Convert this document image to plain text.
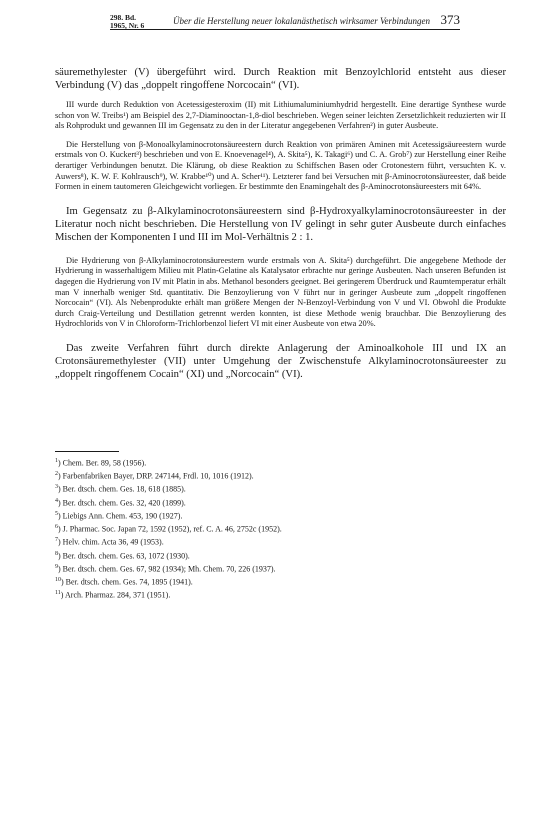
298. Bd.
1965, Nr. 6	Über die Herstellung neuer lokalanästhetisch wirksamer Verbindungen 373

säuremethylester (V) übergeführt wird. Durch Reaktion mit Benzoylchlorid entsteht aus dieser Verbindung (V) das „doppelt ringoffene Norcocain“ (VI).

III wurde durch Reduktion von Acetessigesteroxim (II) mit Lithiumaluminiumhydrid hergestellt. Eine derartige Synthese wurde schon von W. Treibs¹) am Beispiel des 2,7-Diaminooctan-1,8-diol beschrieben. Wegen seiner leichten Zersetzlichkeit reduzierten wir II als Rohprodukt und gewannen III im Gegensatz zu den in der Literatur angegebenen Verfahren²) in guter Ausbeute.

Die Herstellung von β-Monoalkylaminocrotonsäureestern durch Reaktion von primären Aminen mit Acetessigsäureestern wurde erstmals von O. Kuckert³) beschrieben und von E. Knoevenagel⁴), A. Skita⁵), K. Takagi⁶) und C. A. Grob⁷) zur Herstellung einer Reihe derartiger Verbindungen benutzt. Die Klärung, ob diese Reaktion zu Schiffschen Basen oder Crotonestern führt, versuchten K. v. Auwers⁸), K. W. F. Kohlrausch⁹), W. Krabbe¹⁰) und A. Scher¹¹). Letzterer fand bei Versuchen mit β-Aminocrotonsäureester, daß beide Formen in einem tautomeren Gleichgewicht vorliegen. Er bestimmte den Enamingehalt des β-Aminocrotonsäureesters mit 64%.

Im Gegensatz zu β-Alkylaminocrotonsäureestern sind β-Hydroxyalkylaminocrotonsäureester in der Literatur noch nicht beschrieben. Die Herstellung von IV gelingt in sehr guter Ausbeute durch einfaches Mischen der Komponenten I und III im Mol-Verhältnis 2 : 1.

Die Hydrierung von β-Alkylaminocrotonsäureestern wurde erstmals von A. Skita⁵) durchgeführt. Die angegebene Methode der Hydrierung in wasserhaltigem Milieu mit Platin-Gelatine als Katalysator erbrachte nur geringe Ausbeuten. Nach unseren Befunden ist dagegen die Hydrierung von IV mit Platin in abs. Methanol besonders geeignet. Bei geringerem Überdruck und Raumtemperatur erhält man V innerhalb weniger Std. quantitativ. Die Benzoylierung von V führt nur in geringer Ausbeute zum „doppelt ringoffenen Norcocain“ (VI). Als Nebenprodukte erhält man größere Mengen der N-Benzoyl-Verbindung von V und VI. Obwohl die Produkte durch Craig-Verteilung und Destillation getrennt werden konnten, ist diese Methode wenig brauchbar. Die Benzoylierung des Hydrochlorids von V in Chloroform-Trichlorbenzol liefert VI mit einer Ausbeute von etwa 20%.

Das zweite Verfahren führt durch direkte Anlagerung der Aminoalkohole III und IX an Crotonsäuremethylester (VII) unter Umgehung der Zwischenstufe Alkylaminocrotonsäureester zu „doppelt ringoffenem Cocain“ (XI) und „Norcocain“ (VI).

$^1$) Chem. Ber. 89, 58 (1956).
$^2$) Farbenfabriken Bayer, DRP. 247144, Frdl. 10, 1016 (1912).
$^3$) Ber. dtsch. chem. Ges. 18, 618 (1885).
$^4$) Ber. dtsch. chem. Ges. 32, 420 (1899).
$^5$) Liebigs Ann. Chem. 453, 190 (1927).
$^6$) J. Pharmac. Soc. Japan 72, 1592 (1952), ref. C. A. 46, 2752c (1952).
$^7$) Helv. chim. Acta 36, 49 (1953).
$^8$) Ber. dtsch. chem. Ges. 63, 1072 (1930).
$^9$) Ber. dtsch. chem. Ges. 67, 982 (1934); Mh. Chem. 70, 226 (1937).
$^{10}$) Ber. dtsch. chem. Ges. 74, 1895 (1941).
$^{11}$) Arch. Pharmaz. 284, 371 (1951).
